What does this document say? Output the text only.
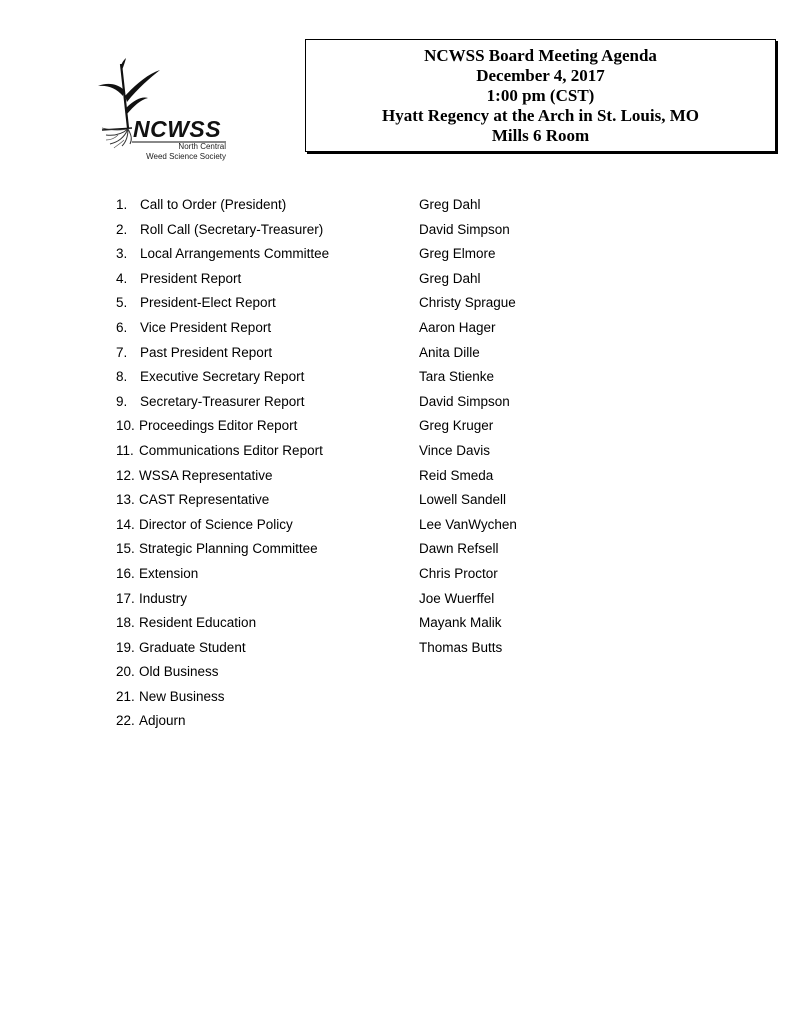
NCWSS
North Central
Weed Science Society
NCWSS Board Meeting Agenda
December 4, 2017
1:00 pm (CST)
Hyatt Regency at the Arch in St. Louis, MO
Mills 6 Room
1. Call to Order (President)	Greg Dahl
2. Roll Call (Secretary-Treasurer)	David Simpson
3. Local Arrangements Committee	Greg Elmore
4. President Report	Greg Dahl
5. President-Elect Report	Christy Sprague
6. Vice President Report	Aaron Hager
7. Past President Report	Anita Dille
8. Executive Secretary Report	Tara Stienke
9. Secretary-Treasurer Report	David Simpson
10. Proceedings Editor Report	Greg Kruger
11. Communications Editor Report	Vince Davis
12. WSSA Representative	Reid Smeda
13. CAST Representative	Lowell Sandell
14. Director of Science Policy	Lee VanWychen
15. Strategic Planning Committee	Dawn Refsell
16. Extension	Chris Proctor
17. Industry	Joe Wuerffel
18. Resident Education	Mayank Malik
19. Graduate Student	Thomas Butts
20. Old Business
21. New Business
22. Adjourn
